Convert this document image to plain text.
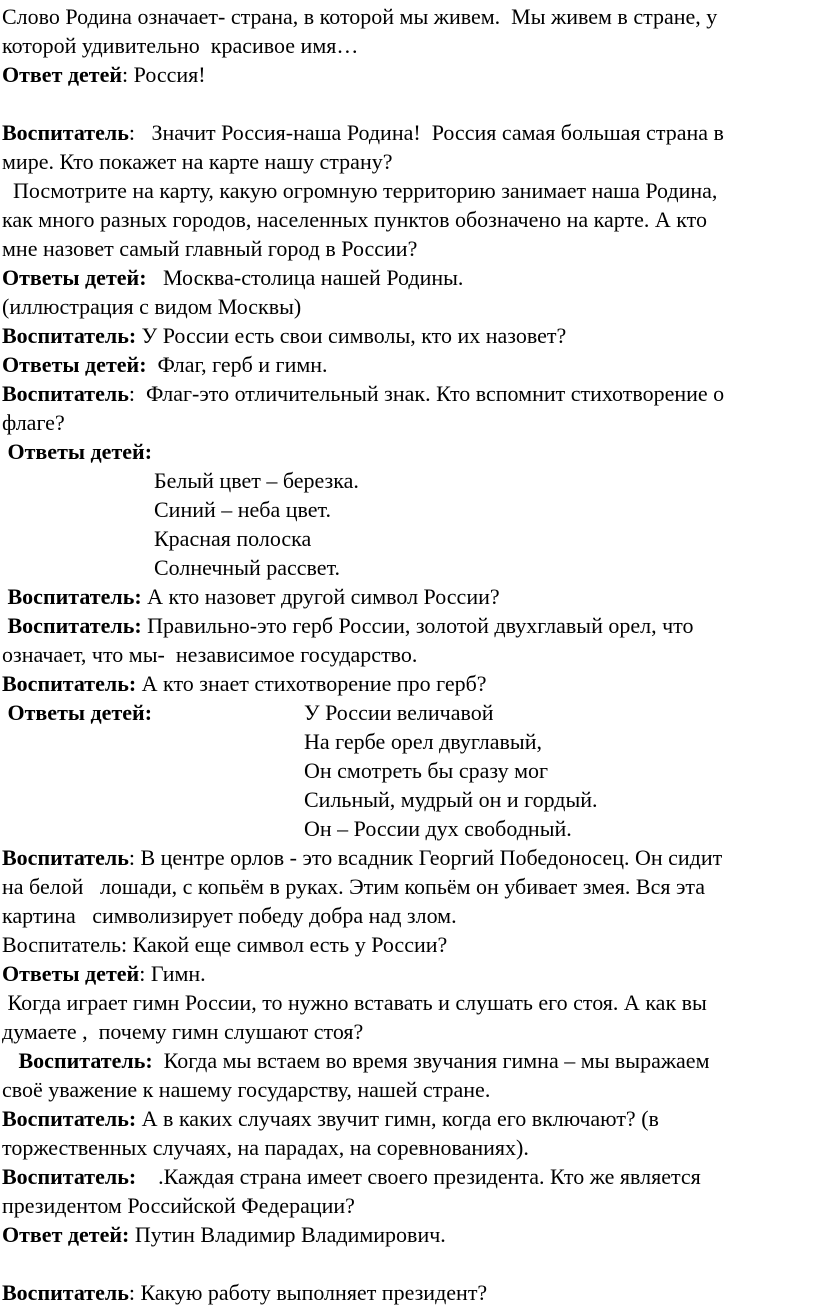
Слово Родина означает- страна, в которой мы живем.  Мы живем в стране, у
которой удивительно  красивое имя…
Ответ детей: Россия!
Воспитатель:   Значит Россия-наша Родина!  Россия самая большая страна в
мире. Кто покажет на карте нашу страну?
Посмотрите на карту, какую огромную территорию занимает наша Родина,
как много разных городов, населенных пунктов обозначено на карте. А кто
мне назовет самый главный город в России?
Ответы детей:   Москва-столица нашей Родины.
(иллюстрация с видом Москвы)
Воспитатель: У России есть свои символы, кто их назовет?
Ответы детей:  Флаг, герб и гимн.
Воспитатель:  Флаг-это отличительный знак. Кто вспомнит стихотворение о
флаге?
Ответы детей:
Белый цвет – березка.
Синий – неба цвет.
Красная полоска
Солнечный рассвет.
Воспитатель: А кто назовет другой символ России?
Воспитатель: Правильно-это герб России, золотой двухглавый орел, что
означает, что мы-  независимое государство.
Воспитатель: А кто знает стихотворение про герб?
Ответы детей:	У России величавой
На гербе орел двуглавый,
Он смотреть бы сразу мог
Сильный, мудрый он и гордый.
Он – России дух свободный.
Воспитатель: В центре орлов - это всадник Георгий Победоносец. Он сидит
на белой   лошади, с копьём в руках. Этим копьём он убивает змея. Вся эта
картина   символизирует победу добра над злом.
Воспитатель: Какой еще символ есть у России?
Ответы детей: Гимн.
Когда играет гимн России, то нужно вставать и слушать его стоя. А как вы
думаете ,  почему гимн слушают стоя?
Воспитатель:  Когда мы встаем во время звучания гимна – мы выражаем
своё уважение к нашему государству, нашей стране.
Воспитатель: А в каких случаях звучит гимн, когда его включают? (в
торжественных случаях, на парадах, на соревнованиях).
Воспитатель:    .Каждая страна имеет своего президента. Кто же является
президентом Российской Федерации?
Ответ детей: Путин Владимир Владимирович.
Воспитатель: Какую работу выполняет президент?
